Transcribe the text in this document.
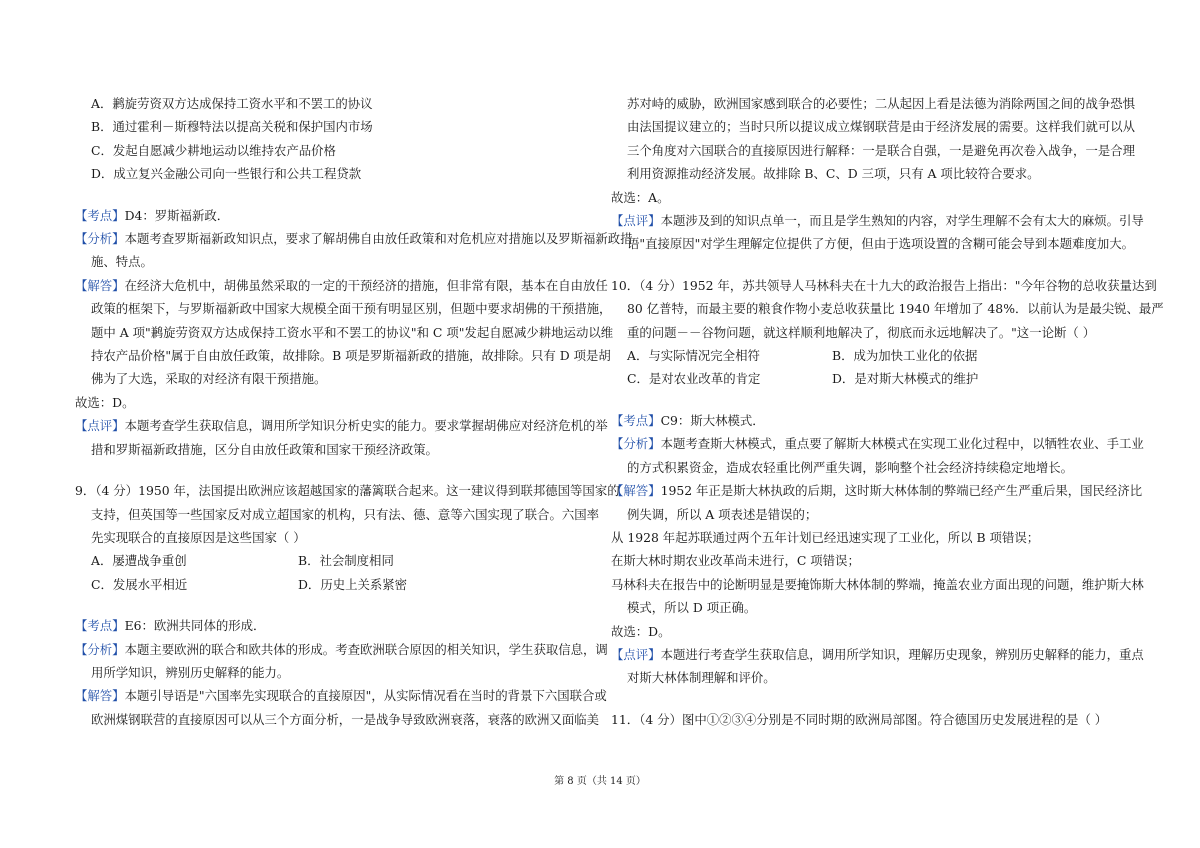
A．鹣旋劳资双方达成保持工资水平和不罢工的协议
B．通过霍利－斯穆特法以提高关税和保护国内市场
C．发起自愿减少耕地运动以维持农产品价格
D．成立复兴金融公司向一些银行和公共工程贷款
【考点】D4：罗斯福新政．
【分析】本题考查罗斯福新政知识点，要求了解胡佛自由放任政策和对危机应对措施以及罗斯福新政措
施、特点。
【解答】在经济大危机中，胡佛虽然采取的一定的干预经济的措施，但非常有限，基本在自由放任
政策的框架下，与罗斯福新政中国家大规模全面干预有明显区别，但题中要求胡佛的干预措施，
题中 A 项"鹣旋劳资双方达成保持工资水平和不罢工的协议"和 C 项"发起自愿减少耕地运动以维
持农产品价格"属于自由放任政策，故排除。B 项是罗斯福新政的措施，故排除。只有 D 项是胡
佛为了大选，采取的对经济有限干预措施。
故选：D。
【点评】本题考查学生获取信息，调用所学知识分析史实的能力。要求掌握胡佛应对经济危机的举
措和罗斯福新政措施，区分自由放任政策和国家干预经济政策。
9．（4 分）1950 年，法国提出欧洲应该超越国家的藩篱联合起来。这一建议得到联邦德国等国家的
支持，但英国等一些国家反对成立超国家的机构，只有法、德、意等六国实现了联合。六国率
先实现联合的直接原因是这些国家（ ）
A．屡遭战争重创	B．社会制度相同
C．发展水平相近	D．历史上关系紧密
【考点】E6：欧洲共同体的形成．
【分析】本题主要欧洲的联合和欧共体的形成。考查欧洲联合原因的相关知识，学生获取信息，调
用所学知识，辨别历史解释的能力。
【解答】本题引导语是"六国率先实现联合的直接原因"，从实际情况看在当时的背景下六国联合或
欧洲煤钢联营的直接原因可以从三个方面分析，一是战争导致欧洲衰落，衰落的欧洲又面临美
苏对峙的威胁，欧洲国家感到联合的必要性；二从起因上看是法德为消除两国之间的战争恐惧
由法国提议建立的；当时只所以提议成立煤钢联营是由于经济发展的需要。这样我们就可以从
三个角度对六国联合的直接原因进行解释：一是联合自强，一是避免再次卷入战争，一是合理
利用资源推动经济发展。故排除 B、C、D 三项，只有 A 项比较符合要求。
故选：A。
【点评】本题涉及到的知识点单一，而且是学生熟知的内容，对学生理解不会有太大的麻烦。引导
语"直接原因"对学生理解定位提供了方便，但由于选项设置的含糊可能会导到本题难度加大。
10．（4 分）1952 年，苏共领导人马林科夫在十九大的政治报告上指出："今年谷物的总收获量达到
80 亿普特，而最主要的粮食作物小麦总收获量比 1940 年增加了 48%．以前认为是最尖锐、最严
重的问题－－谷物问题，就这样顺利地解决了，彻底而永远地解决了。"这一论断（ ）
A．与实际情况完全相符	B．成为加快工业化的依据
C．是对农业改革的肯定	D．是对斯大林模式的维护
【考点】C9：斯大林模式．
【分析】本题考查斯大林模式，重点要了解斯大林模式在实现工业化过程中，以牺牲农业、手工业
的方式积累资金，造成农轻重比例严重失调，影响整个社会经济持续稳定地增长。
【解答】1952 年正是斯大林执政的后期，这时斯大林体制的弊端已经产生严重后果，国民经济比
例失调，所以 A 项表述是错误的；
从 1928 年起苏联通过两个五年计划已经迅速实现了工业化，所以 B 项错误；
在斯大林时期农业改革尚未进行，C 项错误；
马林科夫在报告中的论断明显是要掩饰斯大林体制的弊端，掩盖农业方面出现的问题，维护斯大林
模式，所以 D 项正确。
故选：D。
【点评】本题进行考查学生获取信息，调用所学知识，理解历史现象，辨别历史解释的能力，重点
对斯大林体制理解和评价。
11．（4 分）图中①②③④分别是不同时期的欧洲局部图。符合德国历史发展进程的是（ ）
第 8 页（共 14 页）
